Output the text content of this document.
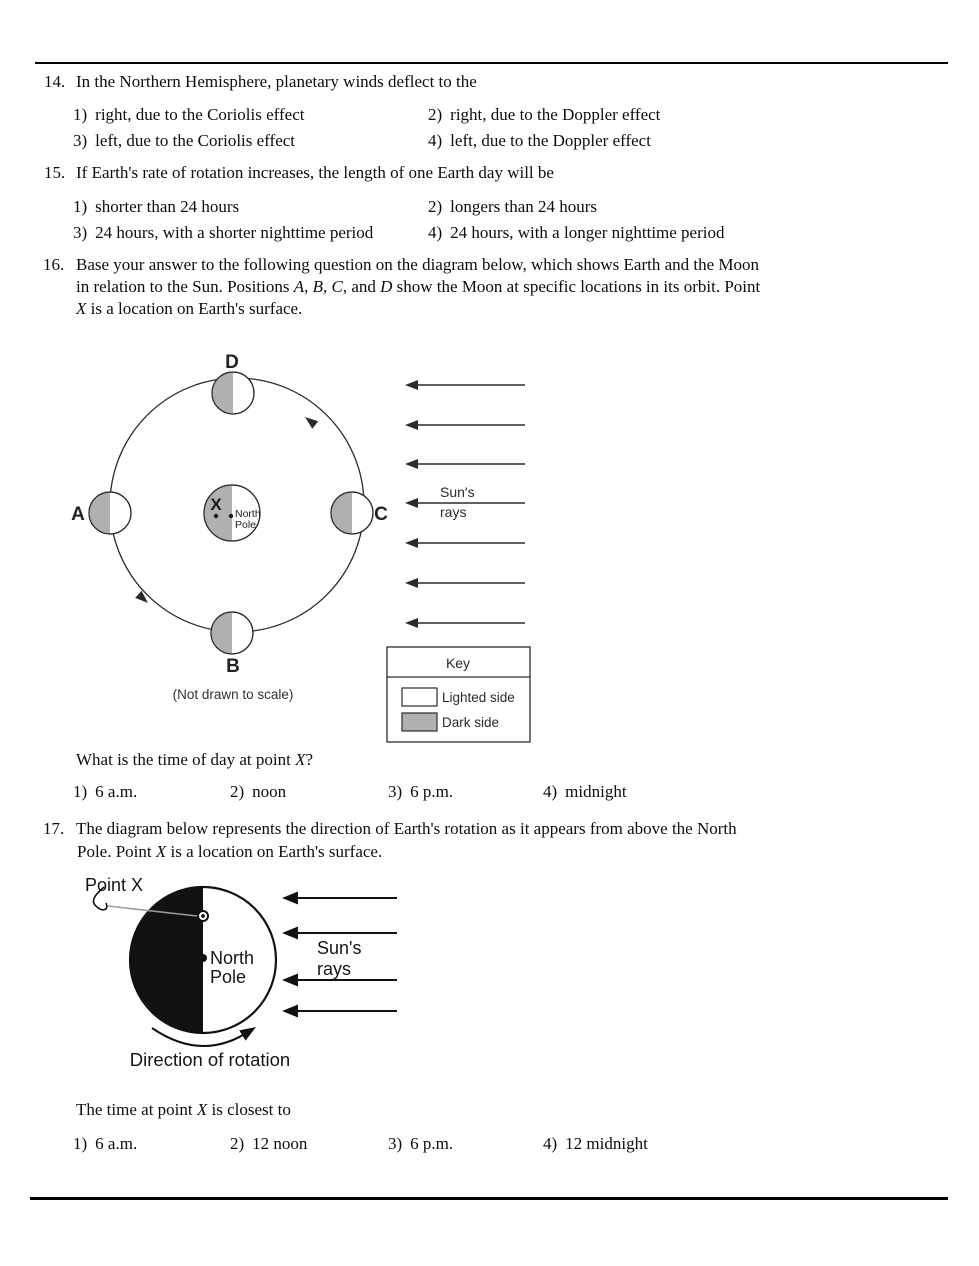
14. In the Northern Hemisphere, planetary winds deflect to the
1) right, due to the Coriolis effect	2) right, due to the Doppler effect
3) left, due to the Coriolis effect	4) left, due to the Doppler effect
15. If Earth's rate of rotation increases, the length of one Earth day will be
1) shorter than 24 hours	2) longers than 24 hours
3) 24 hours, with a shorter nighttime period	4) 24 hours, with a longer nighttime period
16. Base your answer to the following question on the diagram below, which shows Earth and the Moon
in relation to the Sun. Positions A, B, C, and D show the Moon at specific locations in its orbit. Point
X is a location on Earth's surface.
D
A	C
B
X North
Pole
Sun's
rays
(Not drawn to scale)
Key
Lighted side
Dark side
What is the time of day at point X?
1) 6 a.m.	2) noon	3) 6 p.m.	4) midnight
17. The diagram below represents the direction of Earth's rotation as it appears from above the North
Pole. Point X is a location on Earth's surface.
Point X
North
Pole
Direction of rotation
Sun's
rays
The time at point X is closest to
1) 6 a.m.	2) 12 noon	3) 6 p.m.	4) 12 midnight
